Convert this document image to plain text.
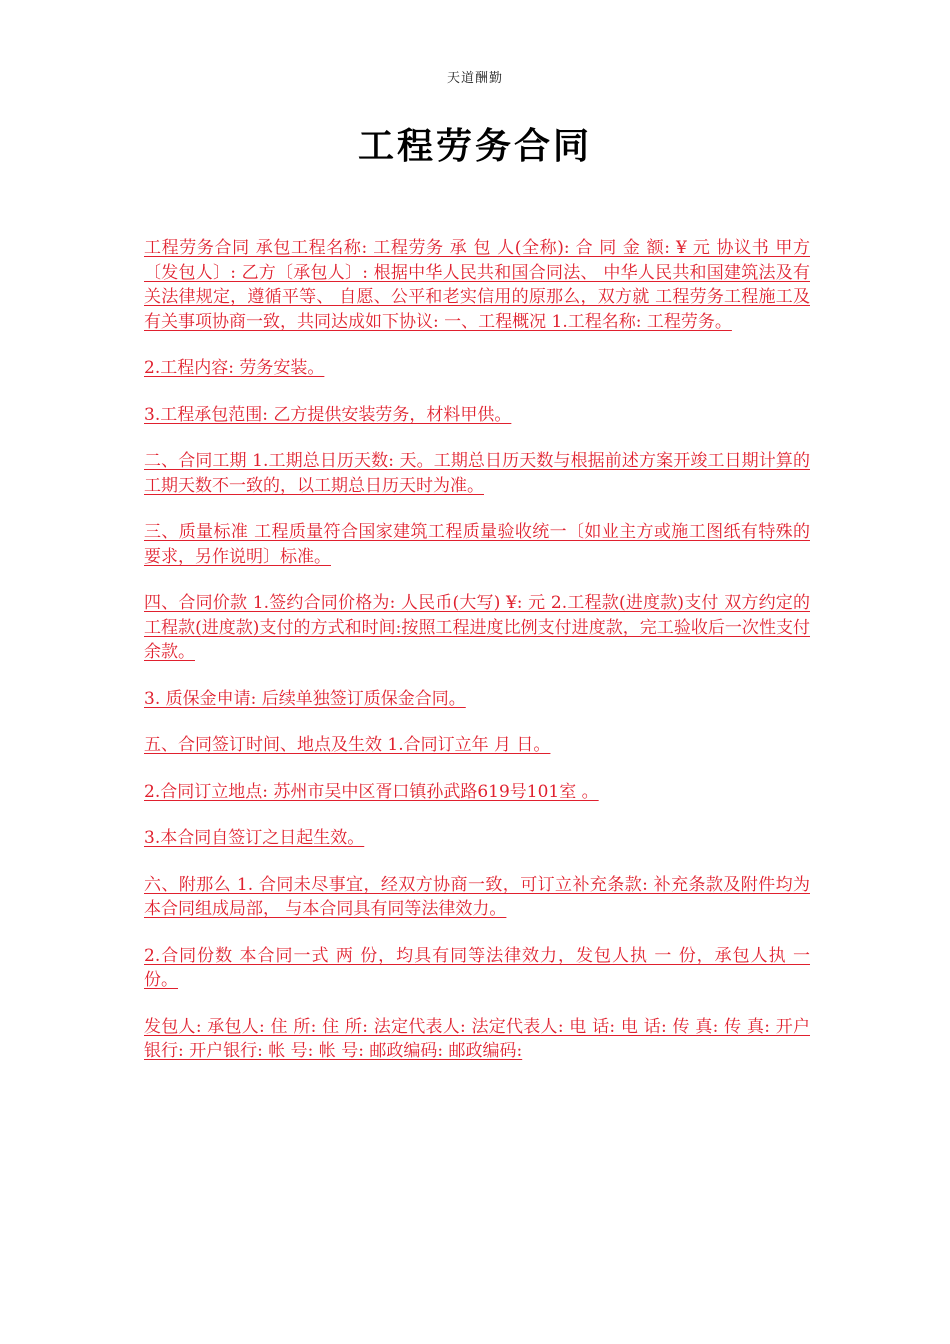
天道酬勤
工程劳务合同

工程劳务合同 承包工程名称: 工程劳务 承 包 人(全称): 合 同 金 额: ¥ 元 协议书 甲方〔发包人〕: 乙方〔承包人〕: 根据中华人民共和国合同法、 中华人民共和国建筑法及有关法律规定，遵循平等、 自愿、公平和老实信用的原那么，双方就 工程劳务工程施工及有关事项协商一致，共同达成如下协议: 一、工程概况 1.工程名称: 工程劳务。

2.工程内容: 劳务安装。

3.工程承包范围: 乙方提供安装劳务，材料甲供。

二、合同工期 1.工期总日历天数: 天。工期总日历天数与根据前述方案开竣工日期计算的工期天数不一致的，以工期总日历天时为准。

三、质量标准 工程质量符合国家建筑工程质量验收统一〔如业主方或施工图纸有特殊的要求，另作说明〕标准。

四、合同价款 1.签约合同价格为: 人民币(大写) ¥: 元 2.工程款(进度款)支付 双方约定的工程款(进度款)支付的方式和时间:按照工程进度比例支付进度款，完工验收后一次性支付余款。

3. 质保金申请: 后续单独签订质保金合同。

五、合同签订时间、地点及生效 1.合同订立年 月 日。

2.合同订立地点: 苏州市吴中区胥口镇孙武路619号101室 。

3.本合同自签订之日起生效。

六、附那么 1. 合同未尽事宜，经双方协商一致，可订立补充条款: 补充条款及附件均为本合同组成局部， 与本合同具有同等法律效力。

2.合同份数 本合同一式 两 份，均具有同等法律效力，发包人执 一 份，承包人执 一 份。

发包人: 承包人: 住 所: 住 所: 法定代表人: 法定代表人: 电 话: 电 话: 传 真: 传 真: 开户银行: 开户银行: 帐 号: 帐 号: 邮政编码: 邮政编码:
